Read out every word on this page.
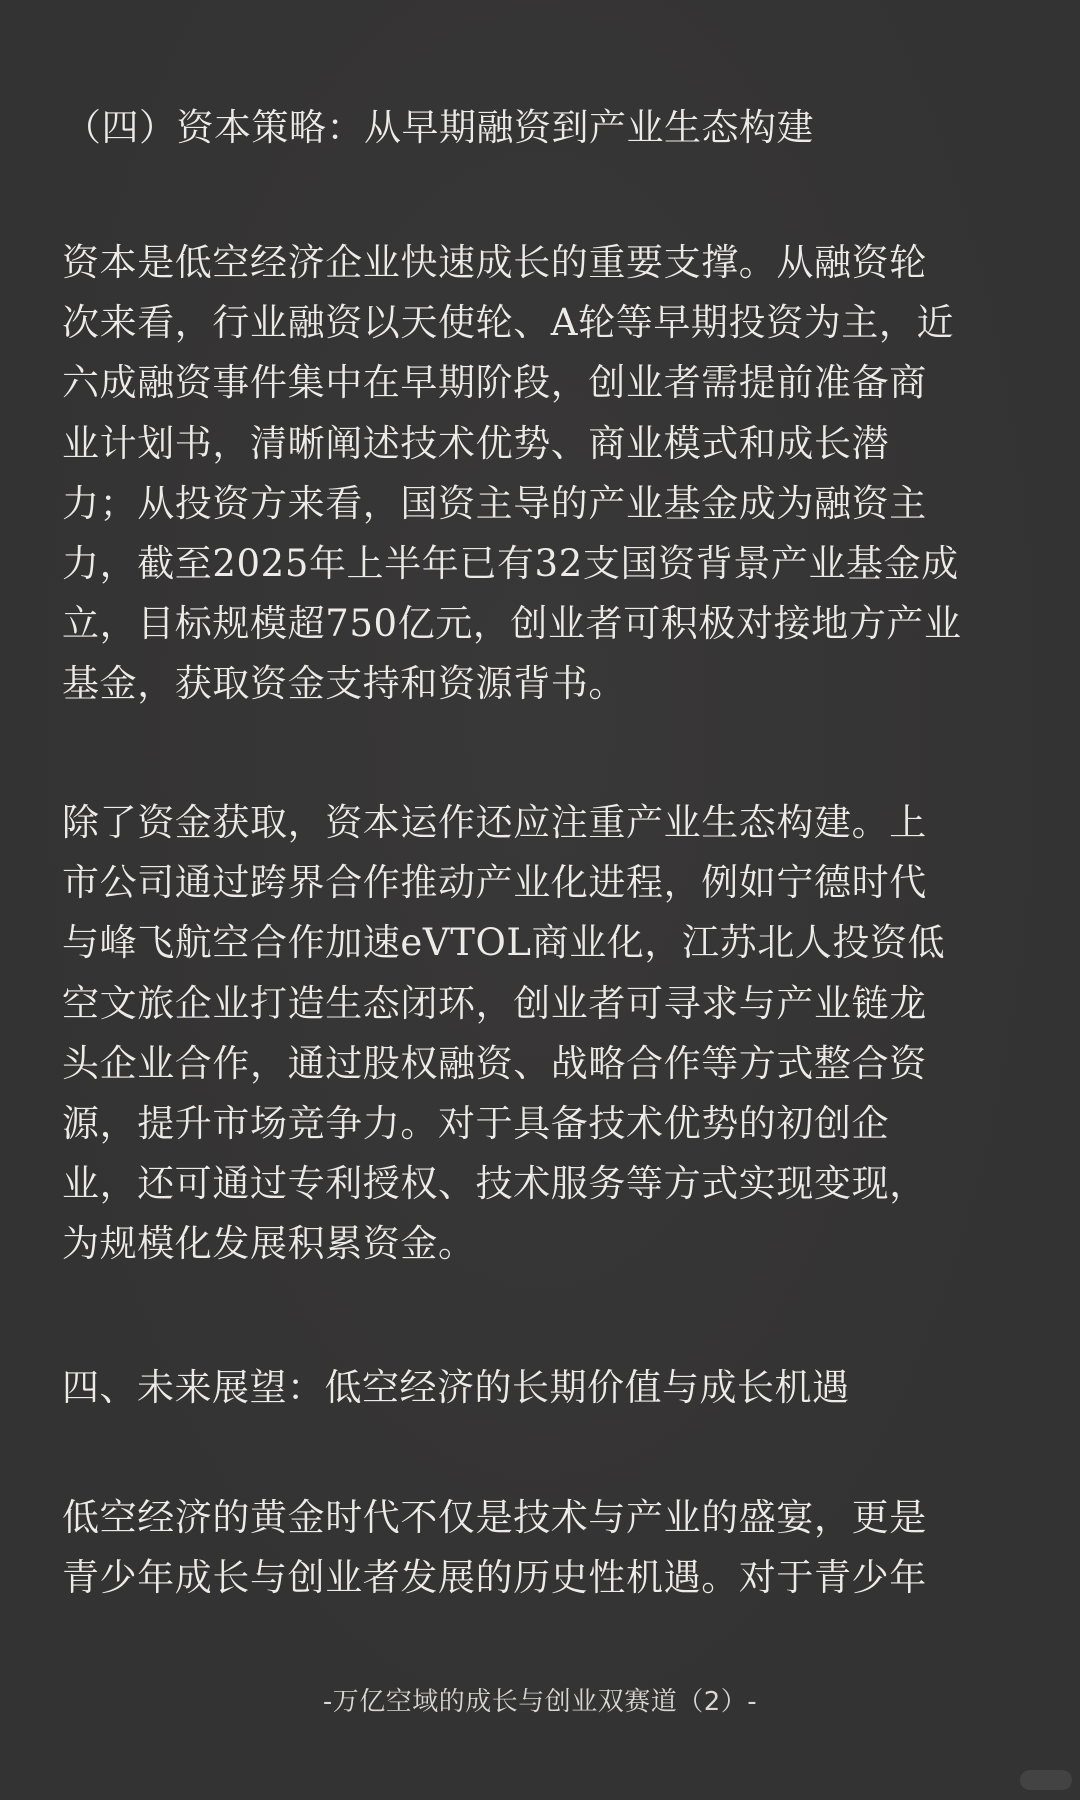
（四）资本策略：从早期融资到产业生态构建

资本是低空经济企业快速成长的重要支撑。从融资轮
次来看，行业融资以天使轮、A轮等早期投资为主，近
六成融资事件集中在早期阶段，创业者需提前准备商
业计划书，清晰阐述技术优势、商业模式和成长潜
力；从投资方来看，国资主导的产业基金成为融资主
力，截至2025年上半年已有32支国资背景产业基金成
立，目标规模超750亿元，创业者可积极对接地方产业
基金，获取资金支持和资源背书。

除了资金获取，资本运作还应注重产业生态构建。上
市公司通过跨界合作推动产业化进程，例如宁德时代
与峰飞航空合作加速eVTOL商业化，江苏北人投资低
空文旅企业打造生态闭环，创业者可寻求与产业链龙
头企业合作，通过股权融资、战略合作等方式整合资
源，提升市场竞争力。对于具备技术优势的初创企
业，还可通过专利授权、技术服务等方式实现变现，
为规模化发展积累资金。

四、未来展望：低空经济的长期价值与成长机遇

低空经济的黄金时代不仅是技术与产业的盛宴，更是
青少年成长与创业者发展的历史性机遇。对于青少年

-万亿空域的成长与创业双赛道（2）-
